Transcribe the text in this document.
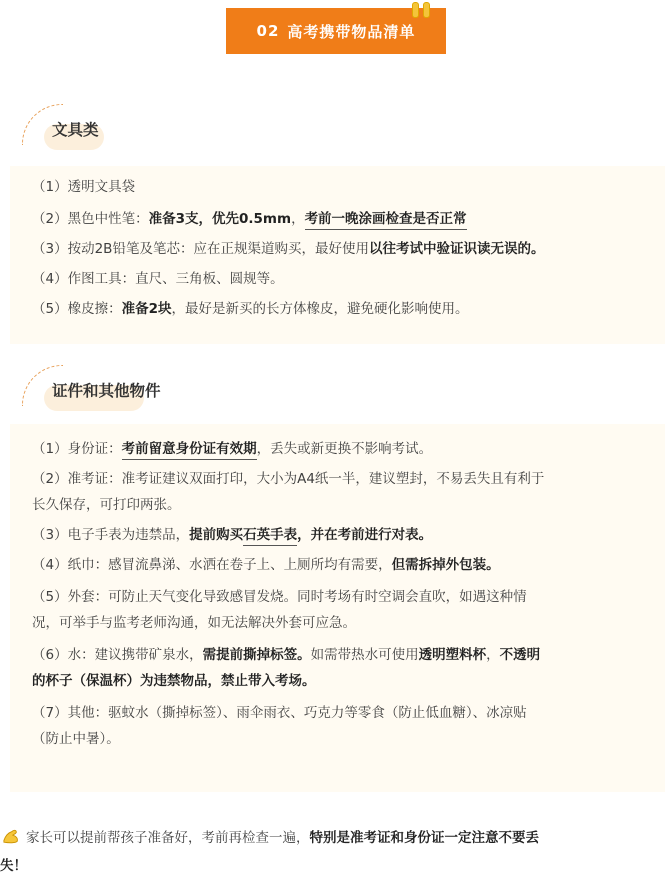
02 高考携带物品清单
文具类
（1）透明文具袋
（2）黑色中性笔：准备3支，优先0.5mm，考前一晚涂画检查是否正常
（3）按动2B铅笔及笔芯：应在正规渠道购买，最好使用以往考试中验证识读无误的。
（4）作图工具：直尺、三角板、圆规等。
（5）橡皮擦：准备2块，最好是新买的长方体橡皮，避免硬化影响使用。
证件和其他物件
（1）身份证：考前留意身份证有效期，丢失或新更换不影响考试。
（2）准考证：准考证建议双面打印，大小为A4纸一半，建议塑封，不易丢失且有利于
长久保存，可打印两张。
（3）电子手表为违禁品，提前购买石英手表，并在考前进行对表。
（4）纸巾：感冒流鼻涕、水洒在卷子上、上厕所均有需要，但需拆掉外包装。
（5）外套：可防止天气变化导致感冒发烧。同时考场有时空调会直吹，如遇这种情
况，可举手与监考老师沟通，如无法解决外套可应急。
（6）水：建议携带矿泉水，需提前撕掉标签。如需带热水可使用透明塑料杯，不透明
的杯子（保温杯）为违禁物品，禁止带入考场。
（7）其他：驱蚊水（撕掉标签）、雨伞雨衣、巧克力等零食（防止低血糖）、冰凉贴
（防止中暑）。
家长可以提前帮孩子准备好，考前再检查一遍，特别是准考证和身份证一定注意不要丢
失！
